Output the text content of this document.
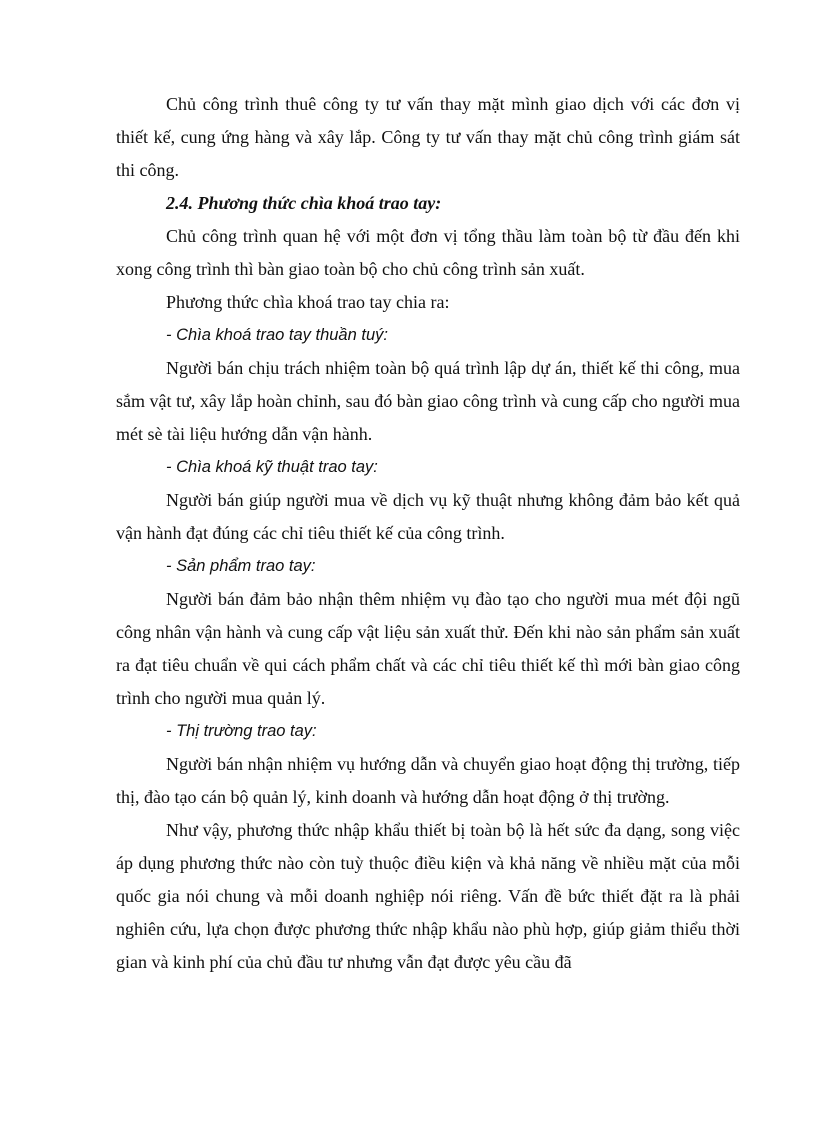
Chủ công trình thuê công ty tư vấn thay mặt mình giao dịch với các đơn vị thiết kế, cung ứng hàng và xây lắp. Công ty tư vấn thay mặt chủ công trình giám sát thi công.

2.4. Phương thức chìa khoá trao tay:

Chủ công trình quan hệ với một đơn vị tổng thầu làm toàn bộ từ đầu đến khi xong công trình thì bàn giao toàn bộ cho chủ công trình sản xuất.

Phương thức chìa khoá trao tay chia ra:

- Chìa khoá trao tay thuần tuý:

Người bán chịu trách nhiệm toàn bộ quá trình lập dự án, thiết kế thi công, mua sắm vật tư, xây lắp hoàn chỉnh, sau đó bàn giao công trình và cung cấp cho người mua mét sè tài liệu hướng dẫn vận hành.

- Chìa khoá kỹ thuật trao tay:

Người bán giúp người mua về dịch vụ kỹ thuật nhưng không đảm bảo kết quả vận hành đạt đúng các chỉ tiêu thiết kế của công trình.

- Sản phẩm trao tay:

Người bán đảm bảo nhận thêm nhiệm vụ đào tạo cho người mua mét đội ngũ công nhân vận hành và cung cấp vật liệu sản xuất thử. Đến khi nào sản phẩm sản xuất ra đạt tiêu chuẩn về qui cách phẩm chất và các chỉ tiêu thiết kế thì mới bàn giao công trình cho người mua quản lý.

- Thị trường trao tay:

Người bán nhận nhiệm vụ hướng dẫn và chuyển giao hoạt động thị trường, tiếp thị, đào tạo cán bộ quản lý, kinh doanh và hướng dẫn hoạt động ở thị trường.

Như vậy, phương thức nhập khẩu thiết bị toàn bộ là hết sức đa dạng, song việc áp dụng phương thức nào còn tuỳ thuộc điều kiện và khả năng về nhiều mặt của mỗi quốc gia nói chung và mỗi doanh nghiệp nói riêng. Vấn đề bức thiết đặt ra là phải nghiên cứu, lựa chọn được phương thức nhập khẩu nào phù hợp, giúp giảm thiểu thời gian và kinh phí của chủ đầu tư nhưng vẫn đạt được yêu cầu đã
